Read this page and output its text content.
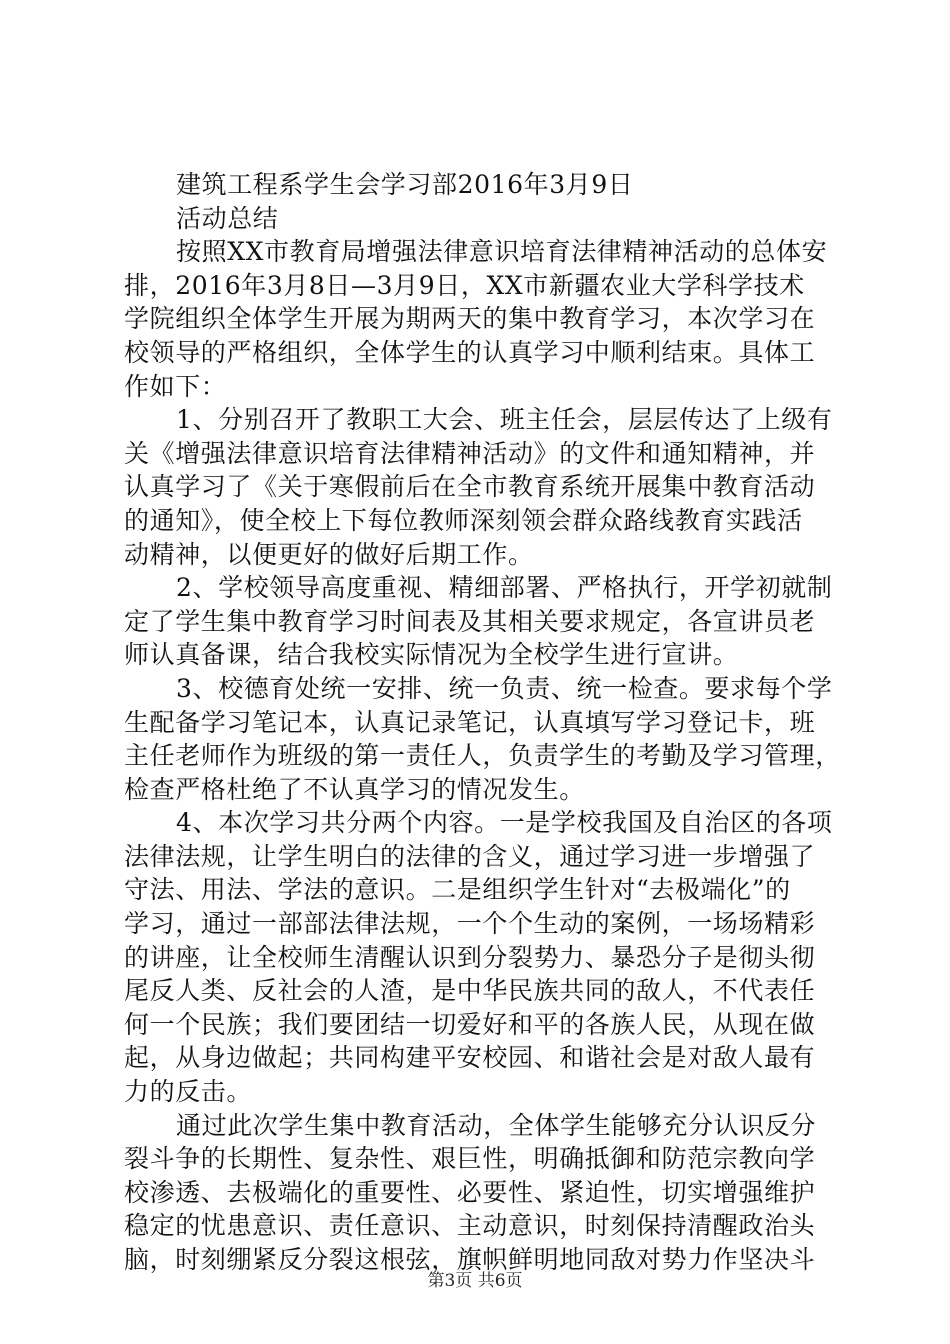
建筑工程系学生会学习部2016年3月9日
活动总结
按照XX市教育局增强法律意识培育法律精神活动的总体安
排，2016年3月8日—3月9日，XX市新疆农业大学科学技术
学院组织全体学生开展为期两天的集中教育学习，本次学习在
校领导的严格组织，全体学生的认真学习中顺利结束。具体工
作如下：
1、分别召开了教职工大会、班主任会，层层传达了上级有
关《增强法律意识培育法律精神活动》的文件和通知精神，并
认真学习了《关于寒假前后在全市教育系统开展集中教育活动
的通知》，使全校上下每位教师深刻领会群众路线教育实践活
动精神，以便更好的做好后期工作。
2、学校领导高度重视、精细部署、严格执行，开学初就制
定了学生集中教育学习时间表及其相关要求规定，各宣讲员老
师认真备课，结合我校实际情况为全校学生进行宣讲。
3、校德育处统一安排、统一负责、统一检查。要求每个学
生配备学习笔记本，认真记录笔记，认真填写学习登记卡，班
主任老师作为班级的第一责任人，负责学生的考勤及学习管理，
检查严格杜绝了不认真学习的情况发生。
4、本次学习共分两个内容。一是学校我国及自治区的各项
法律法规，让学生明白的法律的含义，通过学习进一步增强了
守法、用法、学法的意识。二是组织学生针对“去极端化”的
学习，通过一部部法律法规，一个个生动的案例，一场场精彩
的讲座，让全校师生清醒认识到分裂势力、暴恐分子是彻头彻
尾反人类、反社会的人渣，是中华民族共同的敌人，不代表任
何一个民族；我们要团结一切爱好和平的各族人民，从现在做
起，从身边做起；共同构建平安校园、和谐社会是对敌人最有
力的反击。
通过此次学生集中教育活动，全体学生能够充分认识反分
裂斗争的长期性、复杂性、艰巨性，明确抵御和防范宗教向学
校渗透、去极端化的重要性、必要性、紧迫性，切实增强维护
稳定的忧患意识、责任意识、主动意识，时刻保持清醒政治头
脑，时刻绷紧反分裂这根弦，旗帜鲜明地同敌对势力作坚决斗
第3页 共6页
